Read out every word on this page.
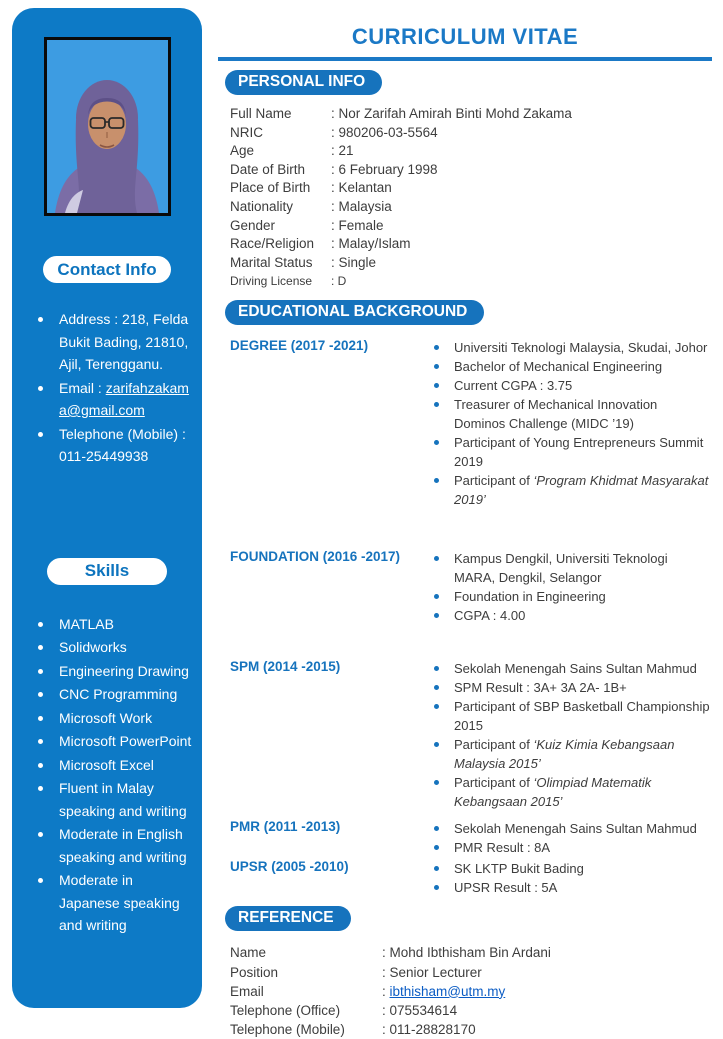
Contact Info
Address : 218, Felda Bukit Bading, 21810, Ajil, Terengganu.
Email : zarifahzakama@gmail.com
Telephone (Mobile) : 011-25449938
Skills
MATLAB
Solidworks
Engineering Drawing
CNC Programming
Microsoft Work
Microsoft PowerPoint
Microsoft Excel
Fluent in Malay speaking and writing
Moderate in English speaking and writing
Moderate in Japanese speaking and writing
CURRICULUM VITAE
PERSONAL INFO
Full Name	: Nor Zarifah Amirah Binti Mohd Zakama
NRIC	: 980206-03-5564
Age	: 21
Date of Birth	: 6 February 1998
Place of Birth	: Kelantan
Nationality	: Malaysia
Gender	: Female
Race/Religion	: Malay/Islam
Marital Status	: Single
Driving License	: D
EDUCATIONAL BACKGROUND
DEGREE (2017 -2021)	Universiti Teknologi Malaysia, Skudai, Johor
Bachelor of Mechanical Engineering
Current CGPA : 3.75
Treasurer of Mechanical Innovation Dominos Challenge (MIDC ’19)
Participant of Young Entrepreneurs Summit 2019
Participant of ‘Program Khidmat Masyarakat 2019’
FOUNDATION (2016 -2017)	Kampus Dengkil, Universiti Teknologi MARA, Dengkil, Selangor
Foundation in Engineering
CGPA : 4.00
SPM (2014 -2015)	Sekolah Menengah Sains Sultan Mahmud
SPM Result : 3A+ 3A 2A- 1B+
Participant of SBP Basketball Championship 2015
Participant of ‘Kuiz Kimia Kebangsaan Malaysia 2015’
Participant of ‘Olimpiad Matematik Kebangsaan 2015’
PMR (2011 -2013)	Sekolah Menengah Sains Sultan Mahmud
PMR Result : 8A
UPSR (2005 -2010)	SK LKTP Bukit Bading
UPSR Result : 5A
REFERENCE
Name	: Mohd Ibthisham Bin Ardani
Position	: Senior Lecturer
Email	: ibthisham@utm.my
Telephone (Office)	: 075534614
Telephone (Mobile)	: 011-28828170
